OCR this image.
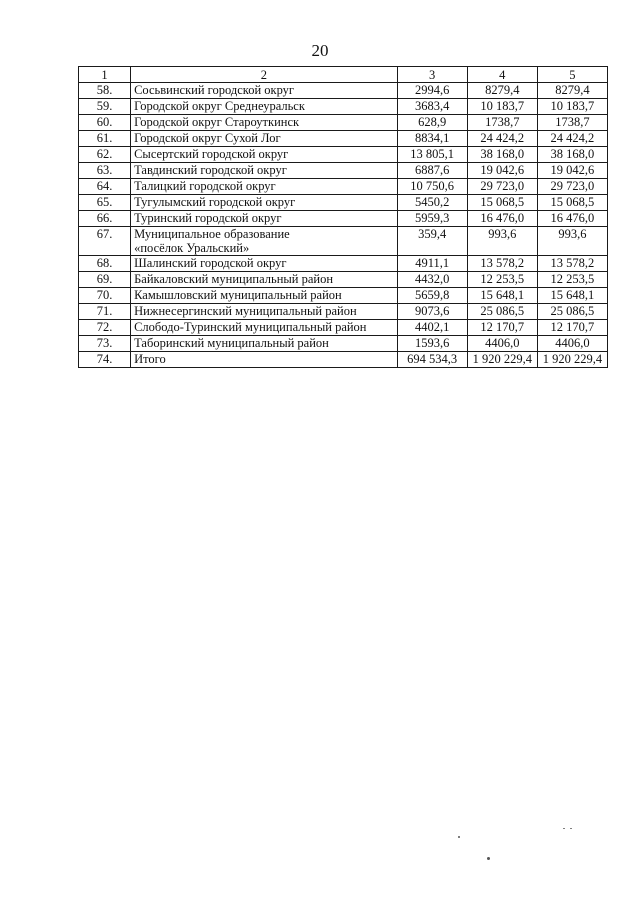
20
1	2	3	4	5
58.	Сосьвинский городской округ	2994,6	8279,4	8279,4
59.	Городской округ Среднеуральск	3683,4	10 183,7	10 183,7
60.	Городской округ Староуткинск	628,9	1738,7	1738,7
61.	Городской округ Сухой Лог	8834,1	24 424,2	24 424,2
62.	Сысертский городской округ	13 805,1	38 168,0	38 168,0
63.	Тавдинский городской округ	6887,6	19 042,6	19 042,6
64.	Талицкий городской округ	10 750,6	29 723,0	29 723,0
65.	Тугулымский городской округ	5450,2	15 068,5	15 068,5
66.	Туринский городской округ	5959,3	16 476,0	16 476,0
67.	Муниципальное образование
«посёлок Уральский»	359,4	993,6	993,6
68.	Шалинский городской округ	4911,1	13 578,2	13 578,2
69.	Байкаловский муниципальный район	4432,0	12 253,5	12 253,5
70.	Камышловский муниципальный район	5659,8	15 648,1	15 648,1
71.	Нижнесергинский муниципальный район	9073,6	25 086,5	25 086,5
72.	Слободо-Туринский муниципальный район	4402,1	12 170,7	12 170,7
73.	Таборинский муниципальный район	1593,6	4406,0	4406,0
74.	Итого	694 534,3	1 920 229,4	1 920 229,4
